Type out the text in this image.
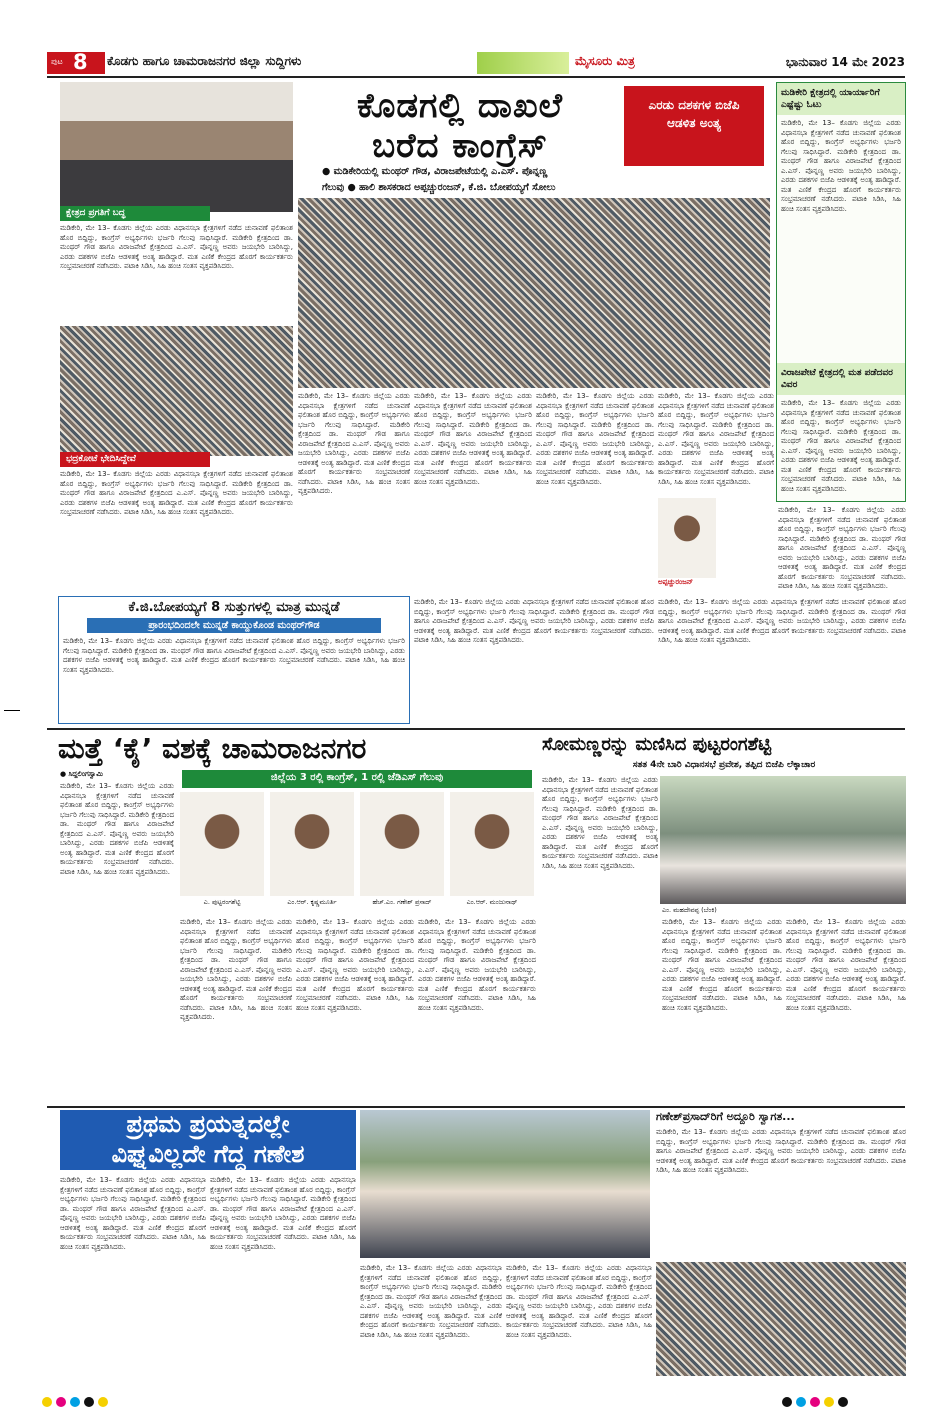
ಪುಟ 8 ಕೊಡಗು ಹಾಗೂ ಚಾಮರಾಜನಗರ ಜಿಲ್ಲಾ ಸುದ್ದಿಗಳು	ಮೈಸೂರು ಮಿತ್ರ	ಭಾನುವಾರ 14 ಮೇ 2023
ಕ್ಷೇತ್ರದ ಪ್ರಗತಿಗೆ ಬದ್ಧ
ಮಡಿಕೇರಿ, ಮೇ 13– ಕೊಡಗು ಜಿಲ್ಲೆಯ ಎರಡು ವಿಧಾನಸಭಾ ಕ್ಷೇತ್ರಗಳಿಗೆ ನಡೆದ ಚುನಾವಣೆ ಫಲಿತಾಂಶ ಹೊರ ಬಿದ್ದಿದ್ದು, ಕಾಂಗ್ರೆಸ್ ಅಭ್ಯರ್ಥಿಗಳು ಭರ್ಜರಿ ಗೆಲುವು ಸಾಧಿಸಿದ್ದಾರೆ. ಮಡಿಕೇರಿ ಕ್ಷೇತ್ರದಿಂದ ಡಾ. ಮಂಥರ್ ಗೌಡ ಹಾಗೂ ವಿರಾಜಪೇಟೆ ಕ್ಷೇತ್ರದಿಂದ ಎ.ಎಸ್. ಪೊನ್ನಣ್ಣ ಅವರು ಜಯಭೇರಿ ಬಾರಿಸಿದ್ದು, ಎರಡು ದಶಕಗಳ ಬಿಜೆಪಿ ಆಡಳಿತಕ್ಕೆ ಅಂತ್ಯ ಹಾಡಿದ್ದಾರೆ. ಮತ ಎಣಿಕೆ ಕೇಂದ್ರದ ಹೊರಗೆ ಕಾರ್ಯಕರ್ತರು ಸಂಭ್ರಮಾಚರಣೆ ನಡೆಸಿದರು. ಪಟಾಕಿ ಸಿಡಿಸಿ, ಸಿಹಿ ಹಂಚಿ ಸಂತಸ ವ್ಯಕ್ತಪಡಿಸಿದರು.
ಭದ್ರಕೋಟೆ ಭೇದಿಸಿದ್ದೇವೆ
ಮಡಿಕೇರಿ, ಮೇ 13– ಕೊಡಗು ಜಿಲ್ಲೆಯ ಎರಡು ವಿಧಾನಸಭಾ ಕ್ಷೇತ್ರಗಳಿಗೆ ನಡೆದ ಚುನಾವಣೆ ಫಲಿತಾಂಶ ಹೊರ ಬಿದ್ದಿದ್ದು, ಕಾಂಗ್ರೆಸ್ ಅಭ್ಯರ್ಥಿಗಳು ಭರ್ಜರಿ ಗೆಲುವು ಸಾಧಿಸಿದ್ದಾರೆ. ಮಡಿಕೇರಿ ಕ್ಷೇತ್ರದಿಂದ ಡಾ. ಮಂಥರ್ ಗೌಡ ಹಾಗೂ ವಿರಾಜಪೇಟೆ ಕ್ಷೇತ್ರದಿಂದ ಎ.ಎಸ್. ಪೊನ್ನಣ್ಣ ಅವರು ಜಯಭೇರಿ ಬಾರಿಸಿದ್ದು, ಎರಡು ದಶಕಗಳ ಬಿಜೆಪಿ ಆಡಳಿತಕ್ಕೆ ಅಂತ್ಯ ಹಾಡಿದ್ದಾರೆ. ಮತ ಎಣಿಕೆ ಕೇಂದ್ರದ ಹೊರಗೆ ಕಾರ್ಯಕರ್ತರು ಸಂಭ್ರಮಾಚರಣೆ ನಡೆಸಿದರು. ಪಟಾಕಿ ಸಿಡಿಸಿ, ಸಿಹಿ ಹಂಚಿ ಸಂತಸ ವ್ಯಕ್ತಪಡಿಸಿದರು.
ಕೊಡಗಲ್ಲಿ ದಾಖಲೆ
ಬರೆದ ಕಾಂಗ್ರೆಸ್
ಎರಡು ದಶಕಗಳ ಬಿಜೆಪಿ ಆಡಳಿತ ಅಂತ್ಯ
● ಮಡಿಕೇರಿಯಲ್ಲಿ ಮಂಥರ್ ಗೌಡ, ವಿರಾಜಪೇಟೆಯಲ್ಲಿ ಎ.ಎಸ್. ಪೊನ್ನಣ್ಣ
ಗೆಲುವು ● ಹಾಲಿ ಶಾಸಕರಾದ ಅಪ್ಪಚ್ಚುರಂಜನ್, ಕೆ.ಜಿ. ಬೋಪಯ್ಯಗೆ ಸೋಲು
ಮಡಿಕೇರಿ ಕ್ಷೇತ್ರದಲ್ಲಿ ಯಾರ್ಯಾರಿಗೆ ಎಷ್ಟೆಷ್ಟು ಓಟು
ಮಡಿಕೇರಿ, ಮೇ 13– ಕೊಡಗು ಜಿಲ್ಲೆಯ ಎರಡು ವಿಧಾನಸಭಾ ಕ್ಷೇತ್ರಗಳಿಗೆ ನಡೆದ ಚುನಾವಣೆ ಫಲಿತಾಂಶ ಹೊರ ಬಿದ್ದಿದ್ದು, ಕಾಂಗ್ರೆಸ್ ಅಭ್ಯರ್ಥಿಗಳು ಭರ್ಜರಿ ಗೆಲುವು ಸಾಧಿಸಿದ್ದಾರೆ. ಮಡಿಕೇರಿ ಕ್ಷೇತ್ರದಿಂದ ಡಾ. ಮಂಥರ್ ಗೌಡ ಹಾಗೂ ವಿರಾಜಪೇಟೆ ಕ್ಷೇತ್ರದಿಂದ ಎ.ಎಸ್. ಪೊನ್ನಣ್ಣ ಅವರು ಜಯಭೇರಿ ಬಾರಿಸಿದ್ದು, ಎರಡು ದಶಕಗಳ ಬಿಜೆಪಿ ಆಡಳಿತಕ್ಕೆ ಅಂತ್ಯ ಹಾಡಿದ್ದಾರೆ. ಮತ ಎಣಿಕೆ ಕೇಂದ್ರದ ಹೊರಗೆ ಕಾರ್ಯಕರ್ತರು ಸಂಭ್ರಮಾಚರಣೆ ನಡೆಸಿದರು. ಪಟಾಕಿ ಸಿಡಿಸಿ, ಸಿಹಿ ಹಂಚಿ ಸಂತಸ ವ್ಯಕ್ತಪಡಿಸಿದರು.
ವಿರಾಜಪೇಟೆ ಕ್ಷೇತ್ರದಲ್ಲಿ ಮತ ಪಡೆದವರ ವಿವರ
ಮಡಿಕೇರಿ, ಮೇ 13– ಕೊಡಗು ಜಿಲ್ಲೆಯ ಎರಡು ವಿಧಾನಸಭಾ ಕ್ಷೇತ್ರಗಳಿಗೆ ನಡೆದ ಚುನಾವಣೆ ಫಲಿತಾಂಶ ಹೊರ ಬಿದ್ದಿದ್ದು, ಕಾಂಗ್ರೆಸ್ ಅಭ್ಯರ್ಥಿಗಳು ಭರ್ಜರಿ ಗೆಲುವು ಸಾಧಿಸಿದ್ದಾರೆ. ಮಡಿಕೇರಿ ಕ್ಷೇತ್ರದಿಂದ ಡಾ. ಮಂಥರ್ ಗೌಡ ಹಾಗೂ ವಿರಾಜಪೇಟೆ ಕ್ಷೇತ್ರದಿಂದ ಎ.ಎಸ್. ಪೊನ್ನಣ್ಣ ಅವರು ಜಯಭೇರಿ ಬಾರಿಸಿದ್ದು, ಎರಡು ದಶಕಗಳ ಬಿಜೆಪಿ ಆಡಳಿತಕ್ಕೆ ಅಂತ್ಯ ಹಾಡಿದ್ದಾರೆ. ಮತ ಎಣಿಕೆ ಕೇಂದ್ರದ ಹೊರಗೆ ಕಾರ್ಯಕರ್ತರು ಸಂಭ್ರಮಾಚರಣೆ ನಡೆಸಿದರು. ಪಟಾಕಿ ಸಿಡಿಸಿ, ಸಿಹಿ ಹಂಚಿ ಸಂತಸ ವ್ಯಕ್ತಪಡಿಸಿದರು.
ಮಡಿಕೇರಿ, ಮೇ 13– ಕೊಡಗು ಜಿಲ್ಲೆಯ ಎರಡು ವಿಧಾನಸಭಾ ಕ್ಷೇತ್ರಗಳಿಗೆ ನಡೆದ ಚುನಾವಣೆ ಫಲಿತಾಂಶ ಹೊರ ಬಿದ್ದಿದ್ದು, ಕಾಂಗ್ರೆಸ್ ಅಭ್ಯರ್ಥಿಗಳು ಭರ್ಜರಿ ಗೆಲುವು ಸಾಧಿಸಿದ್ದಾರೆ. ಮಡಿಕೇರಿ ಕ್ಷೇತ್ರದಿಂದ ಡಾ. ಮಂಥರ್ ಗೌಡ ಹಾಗೂ ವಿರಾಜಪೇಟೆ ಕ್ಷೇತ್ರದಿಂದ ಎ.ಎಸ್. ಪೊನ್ನಣ್ಣ ಅವರು ಜಯಭೇರಿ ಬಾರಿಸಿದ್ದು, ಎರಡು ದಶಕಗಳ ಬಿಜೆಪಿ ಆಡಳಿತಕ್ಕೆ ಅಂತ್ಯ ಹಾಡಿದ್ದಾರೆ. ಮತ ಎಣಿಕೆ ಕೇಂದ್ರದ ಹೊರಗೆ ಕಾರ್ಯಕರ್ತರು ಸಂಭ್ರಮಾಚರಣೆ ನಡೆಸಿದರು. ಪಟಾಕಿ ಸಿಡಿಸಿ, ಸಿಹಿ ಹಂಚಿ ಸಂತಸ ವ್ಯಕ್ತಪಡಿಸಿದರು.
ಮಡಿಕೇರಿ, ಮೇ 13– ಕೊಡಗು ಜಿಲ್ಲೆಯ ಎರಡು ವಿಧಾನಸಭಾ ಕ್ಷೇತ್ರಗಳಿಗೆ ನಡೆದ ಚುನಾವಣೆ ಫಲಿತಾಂಶ ಹೊರ ಬಿದ್ದಿದ್ದು, ಕಾಂಗ್ರೆಸ್ ಅಭ್ಯರ್ಥಿಗಳು ಭರ್ಜರಿ ಗೆಲುವು ಸಾಧಿಸಿದ್ದಾರೆ. ಮಡಿಕೇರಿ ಕ್ಷೇತ್ರದಿಂದ ಡಾ. ಮಂಥರ್ ಗೌಡ ಹಾಗೂ ವಿರಾಜಪೇಟೆ ಕ್ಷೇತ್ರದಿಂದ ಎ.ಎಸ್. ಪೊನ್ನಣ್ಣ ಅವರು ಜಯಭೇರಿ ಬಾರಿಸಿದ್ದು, ಎರಡು ದಶಕಗಳ ಬಿಜೆಪಿ ಆಡಳಿತಕ್ಕೆ ಅಂತ್ಯ ಹಾಡಿದ್ದಾರೆ. ಮತ ಎಣಿಕೆ ಕೇಂದ್ರದ ಹೊರಗೆ ಕಾರ್ಯಕರ್ತರು ಸಂಭ್ರಮಾಚರಣೆ ನಡೆಸಿದರು. ಪಟಾಕಿ ಸಿಡಿಸಿ, ಸಿಹಿ ಹಂಚಿ ಸಂತಸ ವ್ಯಕ್ತಪಡಿಸಿದರು.
ಮಡಿಕೇರಿ, ಮೇ 13– ಕೊಡಗು ಜಿಲ್ಲೆಯ ಎರಡು ವಿಧಾನಸಭಾ ಕ್ಷೇತ್ರಗಳಿಗೆ ನಡೆದ ಚುನಾವಣೆ ಫಲಿತಾಂಶ ಹೊರ ಬಿದ್ದಿದ್ದು, ಕಾಂಗ್ರೆಸ್ ಅಭ್ಯರ್ಥಿಗಳು ಭರ್ಜರಿ ಗೆಲುವು ಸಾಧಿಸಿದ್ದಾರೆ. ಮಡಿಕೇರಿ ಕ್ಷೇತ್ರದಿಂದ ಡಾ. ಮಂಥರ್ ಗೌಡ ಹಾಗೂ ವಿರಾಜಪೇಟೆ ಕ್ಷೇತ್ರದಿಂದ ಎ.ಎಸ್. ಪೊನ್ನಣ್ಣ ಅವರು ಜಯಭೇರಿ ಬಾರಿಸಿದ್ದು, ಎರಡು ದಶಕಗಳ ಬಿಜೆಪಿ ಆಡಳಿತಕ್ಕೆ ಅಂತ್ಯ ಹಾಡಿದ್ದಾರೆ. ಮತ ಎಣಿಕೆ ಕೇಂದ್ರದ ಹೊರಗೆ ಕಾರ್ಯಕರ್ತರು ಸಂಭ್ರಮಾಚರಣೆ ನಡೆಸಿದರು. ಪಟಾಕಿ ಸಿಡಿಸಿ, ಸಿಹಿ ಹಂಚಿ ಸಂತಸ ವ್ಯಕ್ತಪಡಿಸಿದರು.
ಮಡಿಕೇರಿ, ಮೇ 13– ಕೊಡಗು ಜಿಲ್ಲೆಯ ಎರಡು ವಿಧಾನಸಭಾ ಕ್ಷೇತ್ರಗಳಿಗೆ ನಡೆದ ಚುನಾವಣೆ ಫಲಿತಾಂಶ ಹೊರ ಬಿದ್ದಿದ್ದು, ಕಾಂಗ್ರೆಸ್ ಅಭ್ಯರ್ಥಿಗಳು ಭರ್ಜರಿ ಗೆಲುವು ಸಾಧಿಸಿದ್ದಾರೆ. ಮಡಿಕೇರಿ ಕ್ಷೇತ್ರದಿಂದ ಡಾ. ಮಂಥರ್ ಗೌಡ ಹಾಗೂ ವಿರಾಜಪೇಟೆ ಕ್ಷೇತ್ರದಿಂದ ಎ.ಎಸ್. ಪೊನ್ನಣ್ಣ ಅವರು ಜಯಭೇರಿ ಬಾರಿಸಿದ್ದು, ಎರಡು ದಶಕಗಳ ಬಿಜೆಪಿ ಆಡಳಿತಕ್ಕೆ ಅಂತ್ಯ ಹಾಡಿದ್ದಾರೆ. ಮತ ಎಣಿಕೆ ಕೇಂದ್ರದ ಹೊರಗೆ ಕಾರ್ಯಕರ್ತರು ಸಂಭ್ರಮಾಚರಣೆ ನಡೆಸಿದರು. ಪಟಾಕಿ ಸಿಡಿಸಿ, ಸಿಹಿ ಹಂಚಿ ಸಂತಸ ವ್ಯಕ್ತಪಡಿಸಿದರು.
ಅಪ್ಪಚ್ಚುರಂಜನ್
ಮಡಿಕೇರಿ, ಮೇ 13– ಕೊಡಗು ಜಿಲ್ಲೆಯ ಎರಡು ವಿಧಾನಸಭಾ ಕ್ಷೇತ್ರಗಳಿಗೆ ನಡೆದ ಚುನಾವಣೆ ಫಲಿತಾಂಶ ಹೊರ ಬಿದ್ದಿದ್ದು, ಕಾಂಗ್ರೆಸ್ ಅಭ್ಯರ್ಥಿಗಳು ಭರ್ಜರಿ ಗೆಲುವು ಸಾಧಿಸಿದ್ದಾರೆ. ಮಡಿಕೇರಿ ಕ್ಷೇತ್ರದಿಂದ ಡಾ. ಮಂಥರ್ ಗೌಡ ಹಾಗೂ ವಿರಾಜಪೇಟೆ ಕ್ಷೇತ್ರದಿಂದ ಎ.ಎಸ್. ಪೊನ್ನಣ್ಣ ಅವರು ಜಯಭೇರಿ ಬಾರಿಸಿದ್ದು, ಎರಡು ದಶಕಗಳ ಬಿಜೆಪಿ ಆಡಳಿತಕ್ಕೆ ಅಂತ್ಯ ಹಾಡಿದ್ದಾರೆ. ಮತ ಎಣಿಕೆ ಕೇಂದ್ರದ ಹೊರಗೆ ಕಾರ್ಯಕರ್ತರು ಸಂಭ್ರಮಾಚರಣೆ ನಡೆಸಿದರು. ಪಟಾಕಿ ಸಿಡಿಸಿ, ಸಿಹಿ ಹಂಚಿ ಸಂತಸ ವ್ಯಕ್ತಪಡಿಸಿದರು.
ಕೆ.ಜಿ.ಬೋಪಯ್ಯಗೆ 8 ಸುತ್ತುಗಳಲ್ಲಿ ಮಾತ್ರ ಮುನ್ನಡೆ
ಪ್ರಾರಂಭದಿಂದಲೇ ಮುನ್ನಡೆ ಕಾಯ್ದುಕೊಂಡ ಮಂಥರ್‌ಗೌಡ
ಮಡಿಕೇರಿ, ಮೇ 13– ಕೊಡಗು ಜಿಲ್ಲೆಯ ಎರಡು ವಿಧಾನಸಭಾ ಕ್ಷೇತ್ರಗಳಿಗೆ ನಡೆದ ಚುನಾವಣೆ ಫಲಿತಾಂಶ ಹೊರ ಬಿದ್ದಿದ್ದು, ಕಾಂಗ್ರೆಸ್ ಅಭ್ಯರ್ಥಿಗಳು ಭರ್ಜರಿ ಗೆಲುವು ಸಾಧಿಸಿದ್ದಾರೆ. ಮಡಿಕೇರಿ ಕ್ಷೇತ್ರದಿಂದ ಡಾ. ಮಂಥರ್ ಗೌಡ ಹಾಗೂ ವಿರಾಜಪೇಟೆ ಕ್ಷೇತ್ರದಿಂದ ಎ.ಎಸ್. ಪೊನ್ನಣ್ಣ ಅವರು ಜಯಭೇರಿ ಬಾರಿಸಿದ್ದು, ಎರಡು ದಶಕಗಳ ಬಿಜೆಪಿ ಆಡಳಿತಕ್ಕೆ ಅಂತ್ಯ ಹಾಡಿದ್ದಾರೆ. ಮತ ಎಣಿಕೆ ಕೇಂದ್ರದ ಹೊರಗೆ ಕಾರ್ಯಕರ್ತರು ಸಂಭ್ರಮಾಚರಣೆ ನಡೆಸಿದರು. ಪಟಾಕಿ ಸಿಡಿಸಿ, ಸಿಹಿ ಹಂಚಿ ಸಂತಸ ವ್ಯಕ್ತಪಡಿಸಿದರು.
ಮಡಿಕೇರಿ, ಮೇ 13– ಕೊಡಗು ಜಿಲ್ಲೆಯ ಎರಡು ವಿಧಾನಸಭಾ ಕ್ಷೇತ್ರಗಳಿಗೆ ನಡೆದ ಚುನಾವಣೆ ಫಲಿತಾಂಶ ಹೊರ ಬಿದ್ದಿದ್ದು, ಕಾಂಗ್ರೆಸ್ ಅಭ್ಯರ್ಥಿಗಳು ಭರ್ಜರಿ ಗೆಲುವು ಸಾಧಿಸಿದ್ದಾರೆ. ಮಡಿಕೇರಿ ಕ್ಷೇತ್ರದಿಂದ ಡಾ. ಮಂಥರ್ ಗೌಡ ಹಾಗೂ ವಿರಾಜಪೇಟೆ ಕ್ಷೇತ್ರದಿಂದ ಎ.ಎಸ್. ಪೊನ್ನಣ್ಣ ಅವರು ಜಯಭೇರಿ ಬಾರಿಸಿದ್ದು, ಎರಡು ದಶಕಗಳ ಬಿಜೆಪಿ ಆಡಳಿತಕ್ಕೆ ಅಂತ್ಯ ಹಾಡಿದ್ದಾರೆ. ಮತ ಎಣಿಕೆ ಕೇಂದ್ರದ ಹೊರಗೆ ಕಾರ್ಯಕರ್ತರು ಸಂಭ್ರಮಾಚರಣೆ ನಡೆಸಿದರು. ಪಟಾಕಿ ಸಿಡಿಸಿ, ಸಿಹಿ ಹಂಚಿ ಸಂತಸ ವ್ಯಕ್ತಪಡಿಸಿದರು.
ಮಡಿಕೇರಿ, ಮೇ 13– ಕೊಡಗು ಜಿಲ್ಲೆಯ ಎರಡು ವಿಧಾನಸಭಾ ಕ್ಷೇತ್ರಗಳಿಗೆ ನಡೆದ ಚುನಾವಣೆ ಫಲಿತಾಂಶ ಹೊರ ಬಿದ್ದಿದ್ದು, ಕಾಂಗ್ರೆಸ್ ಅಭ್ಯರ್ಥಿಗಳು ಭರ್ಜರಿ ಗೆಲುವು ಸಾಧಿಸಿದ್ದಾರೆ. ಮಡಿಕೇರಿ ಕ್ಷೇತ್ರದಿಂದ ಡಾ. ಮಂಥರ್ ಗೌಡ ಹಾಗೂ ವಿರಾಜಪೇಟೆ ಕ್ಷೇತ್ರದಿಂದ ಎ.ಎಸ್. ಪೊನ್ನಣ್ಣ ಅವರು ಜಯಭೇರಿ ಬಾರಿಸಿದ್ದು, ಎರಡು ದಶಕಗಳ ಬಿಜೆಪಿ ಆಡಳಿತಕ್ಕೆ ಅಂತ್ಯ ಹಾಡಿದ್ದಾರೆ. ಮತ ಎಣಿಕೆ ಕೇಂದ್ರದ ಹೊರಗೆ ಕಾರ್ಯಕರ್ತರು ಸಂಭ್ರಮಾಚರಣೆ ನಡೆಸಿದರು. ಪಟಾಕಿ ಸಿಡಿಸಿ, ಸಿಹಿ ಹಂಚಿ ಸಂತಸ ವ್ಯಕ್ತಪಡಿಸಿದರು.
ಮತ್ತೆ ‘ಕೈ’ ವಶಕ್ಕೆ ಚಾಮರಾಜನಗರ
ಜಿಲ್ಲೆಯ 3 ರಲ್ಲಿ ಕಾಂಗ್ರೆಸ್, 1 ರಲ್ಲಿ ಜೆಡಿಎಸ್ ಗೆಲುವು
● ಸಿದ್ದಲಿಂಗಸ್ವಾಮಿ
ಮಡಿಕೇರಿ, ಮೇ 13– ಕೊಡಗು ಜಿಲ್ಲೆಯ ಎರಡು ವಿಧಾನಸಭಾ ಕ್ಷೇತ್ರಗಳಿಗೆ ನಡೆದ ಚುನಾವಣೆ ಫಲಿತಾಂಶ ಹೊರ ಬಿದ್ದಿದ್ದು, ಕಾಂಗ್ರೆಸ್ ಅಭ್ಯರ್ಥಿಗಳು ಭರ್ಜರಿ ಗೆಲುವು ಸಾಧಿಸಿದ್ದಾರೆ. ಮಡಿಕೇರಿ ಕ್ಷೇತ್ರದಿಂದ ಡಾ. ಮಂಥರ್ ಗೌಡ ಹಾಗೂ ವಿರಾಜಪೇಟೆ ಕ್ಷೇತ್ರದಿಂದ ಎ.ಎಸ್. ಪೊನ್ನಣ್ಣ ಅವರು ಜಯಭೇರಿ ಬಾರಿಸಿದ್ದು, ಎರಡು ದಶಕಗಳ ಬಿಜೆಪಿ ಆಡಳಿತಕ್ಕೆ ಅಂತ್ಯ ಹಾಡಿದ್ದಾರೆ. ಮತ ಎಣಿಕೆ ಕೇಂದ್ರದ ಹೊರಗೆ ಕಾರ್ಯಕರ್ತರು ಸಂಭ್ರಮಾಚರಣೆ ನಡೆಸಿದರು. ಪಟಾಕಿ ಸಿಡಿಸಿ, ಸಿಹಿ ಹಂಚಿ ಸಂತಸ ವ್ಯಕ್ತಪಡಿಸಿದರು.
ಎ. ಪುಟ್ಟರಂಗಶೆಟ್ಟಿ	ಎಂ.ಆರ್. ಕೃಷ್ಣಮೂರ್ತಿ	ಹೆಚ್.ಎಂ. ಗಣೇಶ್ ಪ್ರಸಾದ್	ಎಂ.ಆರ್. ಮಂಜುನಾಥ್
ಮಡಿಕೇರಿ, ಮೇ 13– ಕೊಡಗು ಜಿಲ್ಲೆಯ ಎರಡು ವಿಧಾನಸಭಾ ಕ್ಷೇತ್ರಗಳಿಗೆ ನಡೆದ ಚುನಾವಣೆ ಫಲಿತಾಂಶ ಹೊರ ಬಿದ್ದಿದ್ದು, ಕಾಂಗ್ರೆಸ್ ಅಭ್ಯರ್ಥಿಗಳು ಭರ್ಜರಿ ಗೆಲುವು ಸಾಧಿಸಿದ್ದಾರೆ. ಮಡಿಕೇರಿ ಕ್ಷೇತ್ರದಿಂದ ಡಾ. ಮಂಥರ್ ಗೌಡ ಹಾಗೂ ವಿರಾಜಪೇಟೆ ಕ್ಷೇತ್ರದಿಂದ ಎ.ಎಸ್. ಪೊನ್ನಣ್ಣ ಅವರು ಜಯಭೇರಿ ಬಾರಿಸಿದ್ದು, ಎರಡು ದಶಕಗಳ ಬಿಜೆಪಿ ಆಡಳಿತಕ್ಕೆ ಅಂತ್ಯ ಹಾಡಿದ್ದಾರೆ. ಮತ ಎಣಿಕೆ ಕೇಂದ್ರದ ಹೊರಗೆ ಕಾರ್ಯಕರ್ತರು ಸಂಭ್ರಮಾಚರಣೆ ನಡೆಸಿದರು. ಪಟಾಕಿ ಸಿಡಿಸಿ, ಸಿಹಿ ಹಂಚಿ ಸಂತಸ ವ್ಯಕ್ತಪಡಿಸಿದರು.
ಮಡಿಕೇರಿ, ಮೇ 13– ಕೊಡಗು ಜಿಲ್ಲೆಯ ಎರಡು ವಿಧಾನಸಭಾ ಕ್ಷೇತ್ರಗಳಿಗೆ ನಡೆದ ಚುನಾವಣೆ ಫಲಿತಾಂಶ ಹೊರ ಬಿದ್ದಿದ್ದು, ಕಾಂಗ್ರೆಸ್ ಅಭ್ಯರ್ಥಿಗಳು ಭರ್ಜರಿ ಗೆಲುವು ಸಾಧಿಸಿದ್ದಾರೆ. ಮಡಿಕೇರಿ ಕ್ಷೇತ್ರದಿಂದ ಡಾ. ಮಂಥರ್ ಗೌಡ ಹಾಗೂ ವಿರಾಜಪೇಟೆ ಕ್ಷೇತ್ರದಿಂದ ಎ.ಎಸ್. ಪೊನ್ನಣ್ಣ ಅವರು ಜಯಭೇರಿ ಬಾರಿಸಿದ್ದು, ಎರಡು ದಶಕಗಳ ಬಿಜೆಪಿ ಆಡಳಿತಕ್ಕೆ ಅಂತ್ಯ ಹಾಡಿದ್ದಾರೆ. ಮತ ಎಣಿಕೆ ಕೇಂದ್ರದ ಹೊರಗೆ ಕಾರ್ಯಕರ್ತರು ಸಂಭ್ರಮಾಚರಣೆ ನಡೆಸಿದರು. ಪಟಾಕಿ ಸಿಡಿಸಿ, ಸಿಹಿ ಹಂಚಿ ಸಂತಸ ವ್ಯಕ್ತಪಡಿಸಿದರು.
ಮಡಿಕೇರಿ, ಮೇ 13– ಕೊಡಗು ಜಿಲ್ಲೆಯ ಎರಡು ವಿಧಾನಸಭಾ ಕ್ಷೇತ್ರಗಳಿಗೆ ನಡೆದ ಚುನಾವಣೆ ಫಲಿತಾಂಶ ಹೊರ ಬಿದ್ದಿದ್ದು, ಕಾಂಗ್ರೆಸ್ ಅಭ್ಯರ್ಥಿಗಳು ಭರ್ಜರಿ ಗೆಲುವು ಸಾಧಿಸಿದ್ದಾರೆ. ಮಡಿಕೇರಿ ಕ್ಷೇತ್ರದಿಂದ ಡಾ. ಮಂಥರ್ ಗೌಡ ಹಾಗೂ ವಿರಾಜಪೇಟೆ ಕ್ಷೇತ್ರದಿಂದ ಎ.ಎಸ್. ಪೊನ್ನಣ್ಣ ಅವರು ಜಯಭೇರಿ ಬಾರಿಸಿದ್ದು, ಎರಡು ದಶಕಗಳ ಬಿಜೆಪಿ ಆಡಳಿತಕ್ಕೆ ಅಂತ್ಯ ಹಾಡಿದ್ದಾರೆ. ಮತ ಎಣಿಕೆ ಕೇಂದ್ರದ ಹೊರಗೆ ಕಾರ್ಯಕರ್ತರು ಸಂಭ್ರಮಾಚರಣೆ ನಡೆಸಿದರು. ಪಟಾಕಿ ಸಿಡಿಸಿ, ಸಿಹಿ ಹಂಚಿ ಸಂತಸ ವ್ಯಕ್ತಪಡಿಸಿದರು.
ಸೋಮಣ್ಣರನ್ನು ಮಣಿಸಿದ ಪುಟ್ಟರಂಗಶೆಟ್ಟಿ
ಸತತ 4ನೇ ಬಾರಿ ವಿಧಾನಸಭೆ ಪ್ರವೇಶ, ತಪ್ಪಿದ ಬಿಜೆಪಿ ಲೆಕ್ಕಾಚಾರ
ಮಡಿಕೇರಿ, ಮೇ 13– ಕೊಡಗು ಜಿಲ್ಲೆಯ ಎರಡು ವಿಧಾನಸಭಾ ಕ್ಷೇತ್ರಗಳಿಗೆ ನಡೆದ ಚುನಾವಣೆ ಫಲಿತಾಂಶ ಹೊರ ಬಿದ್ದಿದ್ದು, ಕಾಂಗ್ರೆಸ್ ಅಭ್ಯರ್ಥಿಗಳು ಭರ್ಜರಿ ಗೆಲುವು ಸಾಧಿಸಿದ್ದಾರೆ. ಮಡಿಕೇರಿ ಕ್ಷೇತ್ರದಿಂದ ಡಾ. ಮಂಥರ್ ಗೌಡ ಹಾಗೂ ವಿರಾಜಪೇಟೆ ಕ್ಷೇತ್ರದಿಂದ ಎ.ಎಸ್. ಪೊನ್ನಣ್ಣ ಅವರು ಜಯಭೇರಿ ಬಾರಿಸಿದ್ದು, ಎರಡು ದಶಕಗಳ ಬಿಜೆಪಿ ಆಡಳಿತಕ್ಕೆ ಅಂತ್ಯ ಹಾಡಿದ್ದಾರೆ. ಮತ ಎಣಿಕೆ ಕೇಂದ್ರದ ಹೊರಗೆ ಕಾರ್ಯಕರ್ತರು ಸಂಭ್ರಮಾಚರಣೆ ನಡೆಸಿದರು. ಪಟಾಕಿ ಸಿಡಿಸಿ, ಸಿಹಿ ಹಂಚಿ ಸಂತಸ ವ್ಯಕ್ತಪಡಿಸಿದರು.
ಎಂ. ಮಹದೇವಪ್ಪ (ಬೆಂಕಿ)
ಮಡಿಕೇರಿ, ಮೇ 13– ಕೊಡಗು ಜಿಲ್ಲೆಯ ಎರಡು ವಿಧಾನಸಭಾ ಕ್ಷೇತ್ರಗಳಿಗೆ ನಡೆದ ಚುನಾವಣೆ ಫಲಿತಾಂಶ ಹೊರ ಬಿದ್ದಿದ್ದು, ಕಾಂಗ್ರೆಸ್ ಅಭ್ಯರ್ಥಿಗಳು ಭರ್ಜರಿ ಗೆಲುವು ಸಾಧಿಸಿದ್ದಾರೆ. ಮಡಿಕೇರಿ ಕ್ಷೇತ್ರದಿಂದ ಡಾ. ಮಂಥರ್ ಗೌಡ ಹಾಗೂ ವಿರಾಜಪೇಟೆ ಕ್ಷೇತ್ರದಿಂದ ಎ.ಎಸ್. ಪೊನ್ನಣ್ಣ ಅವರು ಜಯಭೇರಿ ಬಾರಿಸಿದ್ದು, ಎರಡು ದಶಕಗಳ ಬಿಜೆಪಿ ಆಡಳಿತಕ್ಕೆ ಅಂತ್ಯ ಹಾಡಿದ್ದಾರೆ. ಮತ ಎಣಿಕೆ ಕೇಂದ್ರದ ಹೊರಗೆ ಕಾರ್ಯಕರ್ತರು ಸಂಭ್ರಮಾಚರಣೆ ನಡೆಸಿದರು. ಪಟಾಕಿ ಸಿಡಿಸಿ, ಸಿಹಿ ಹಂಚಿ ಸಂತಸ ವ್ಯಕ್ತಪಡಿಸಿದರು.
ಮಡಿಕೇರಿ, ಮೇ 13– ಕೊಡಗು ಜಿಲ್ಲೆಯ ಎರಡು ವಿಧಾನಸಭಾ ಕ್ಷೇತ್ರಗಳಿಗೆ ನಡೆದ ಚುನಾವಣೆ ಫಲಿತಾಂಶ ಹೊರ ಬಿದ್ದಿದ್ದು, ಕಾಂಗ್ರೆಸ್ ಅಭ್ಯರ್ಥಿಗಳು ಭರ್ಜರಿ ಗೆಲುವು ಸಾಧಿಸಿದ್ದಾರೆ. ಮಡಿಕೇರಿ ಕ್ಷೇತ್ರದಿಂದ ಡಾ. ಮಂಥರ್ ಗೌಡ ಹಾಗೂ ವಿರಾಜಪೇಟೆ ಕ್ಷೇತ್ರದಿಂದ ಎ.ಎಸ್. ಪೊನ್ನಣ್ಣ ಅವರು ಜಯಭೇರಿ ಬಾರಿಸಿದ್ದು, ಎರಡು ದಶಕಗಳ ಬಿಜೆಪಿ ಆಡಳಿತಕ್ಕೆ ಅಂತ್ಯ ಹಾಡಿದ್ದಾರೆ. ಮತ ಎಣಿಕೆ ಕೇಂದ್ರದ ಹೊರಗೆ ಕಾರ್ಯಕರ್ತರು ಸಂಭ್ರಮಾಚರಣೆ ನಡೆಸಿದರು. ಪಟಾಕಿ ಸಿಡಿಸಿ, ಸಿಹಿ ಹಂಚಿ ಸಂತಸ ವ್ಯಕ್ತಪಡಿಸಿದರು.
ಪ್ರಥಮ ಪ್ರಯತ್ನದಲ್ಲೇ
ವಿಘ್ನವಿಲ್ಲದೇ ಗೆದ್ದ ಗಣೇಶ
ಮಡಿಕೇರಿ, ಮೇ 13– ಕೊಡಗು ಜಿಲ್ಲೆಯ ಎರಡು ವಿಧಾನಸಭಾ ಕ್ಷೇತ್ರಗಳಿಗೆ ನಡೆದ ಚುನಾವಣೆ ಫಲಿತಾಂಶ ಹೊರ ಬಿದ್ದಿದ್ದು, ಕಾಂಗ್ರೆಸ್ ಅಭ್ಯರ್ಥಿಗಳು ಭರ್ಜರಿ ಗೆಲುವು ಸಾಧಿಸಿದ್ದಾರೆ. ಮಡಿಕೇರಿ ಕ್ಷೇತ್ರದಿಂದ ಡಾ. ಮಂಥರ್ ಗೌಡ ಹಾಗೂ ವಿರಾಜಪೇಟೆ ಕ್ಷೇತ್ರದಿಂದ ಎ.ಎಸ್. ಪೊನ್ನಣ್ಣ ಅವರು ಜಯಭೇರಿ ಬಾರಿಸಿದ್ದು, ಎರಡು ದಶಕಗಳ ಬಿಜೆಪಿ ಆಡಳಿತಕ್ಕೆ ಅಂತ್ಯ ಹಾಡಿದ್ದಾರೆ. ಮತ ಎಣಿಕೆ ಕೇಂದ್ರದ ಹೊರಗೆ ಕಾರ್ಯಕರ್ತರು ಸಂಭ್ರಮಾಚರಣೆ ನಡೆಸಿದರು. ಪಟಾಕಿ ಸಿಡಿಸಿ, ಸಿಹಿ ಹಂಚಿ ಸಂತಸ ವ್ಯಕ್ತಪಡಿಸಿದರು.
ಮಡಿಕೇರಿ, ಮೇ 13– ಕೊಡಗು ಜಿಲ್ಲೆಯ ಎರಡು ವಿಧಾನಸಭಾ ಕ್ಷೇತ್ರಗಳಿಗೆ ನಡೆದ ಚುನಾವಣೆ ಫಲಿತಾಂಶ ಹೊರ ಬಿದ್ದಿದ್ದು, ಕಾಂಗ್ರೆಸ್ ಅಭ್ಯರ್ಥಿಗಳು ಭರ್ಜರಿ ಗೆಲುವು ಸಾಧಿಸಿದ್ದಾರೆ. ಮಡಿಕೇರಿ ಕ್ಷೇತ್ರದಿಂದ ಡಾ. ಮಂಥರ್ ಗೌಡ ಹಾಗೂ ವಿರಾಜಪೇಟೆ ಕ್ಷೇತ್ರದಿಂದ ಎ.ಎಸ್. ಪೊನ್ನಣ್ಣ ಅವರು ಜಯಭೇರಿ ಬಾರಿಸಿದ್ದು, ಎರಡು ದಶಕಗಳ ಬಿಜೆಪಿ ಆಡಳಿತಕ್ಕೆ ಅಂತ್ಯ ಹಾಡಿದ್ದಾರೆ. ಮತ ಎಣಿಕೆ ಕೇಂದ್ರದ ಹೊರಗೆ ಕಾರ್ಯಕರ್ತರು ಸಂಭ್ರಮಾಚರಣೆ ನಡೆಸಿದರು. ಪಟಾಕಿ ಸಿಡಿಸಿ, ಸಿಹಿ ಹಂಚಿ ಸಂತಸ ವ್ಯಕ್ತಪಡಿಸಿದರು.
ಮಡಿಕೇರಿ, ಮೇ 13– ಕೊಡಗು ಜಿಲ್ಲೆಯ ಎರಡು ವಿಧಾನಸಭಾ ಕ್ಷೇತ್ರಗಳಿಗೆ ನಡೆದ ಚುನಾವಣೆ ಫಲಿತಾಂಶ ಹೊರ ಬಿದ್ದಿದ್ದು, ಕಾಂಗ್ರೆಸ್ ಅಭ್ಯರ್ಥಿಗಳು ಭರ್ಜರಿ ಗೆಲುವು ಸಾಧಿಸಿದ್ದಾರೆ. ಮಡಿಕೇರಿ ಕ್ಷೇತ್ರದಿಂದ ಡಾ. ಮಂಥರ್ ಗೌಡ ಹಾಗೂ ವಿರಾಜಪೇಟೆ ಕ್ಷೇತ್ರದಿಂದ ಎ.ಎಸ್. ಪೊನ್ನಣ್ಣ ಅವರು ಜಯಭೇರಿ ಬಾರಿಸಿದ್ದು, ಎರಡು ದಶಕಗಳ ಬಿಜೆಪಿ ಆಡಳಿತಕ್ಕೆ ಅಂತ್ಯ ಹಾಡಿದ್ದಾರೆ. ಮತ ಎಣಿಕೆ ಕೇಂದ್ರದ ಹೊರಗೆ ಕಾರ್ಯಕರ್ತರು ಸಂಭ್ರಮಾಚರಣೆ ನಡೆಸಿದರು. ಪಟಾಕಿ ಸಿಡಿಸಿ, ಸಿಹಿ ಹಂಚಿ ಸಂತಸ ವ್ಯಕ್ತಪಡಿಸಿದರು.
ಮಡಿಕೇರಿ, ಮೇ 13– ಕೊಡಗು ಜಿಲ್ಲೆಯ ಎರಡು ವಿಧಾನಸಭಾ ಕ್ಷೇತ್ರಗಳಿಗೆ ನಡೆದ ಚುನಾವಣೆ ಫಲಿತಾಂಶ ಹೊರ ಬಿದ್ದಿದ್ದು, ಕಾಂಗ್ರೆಸ್ ಅಭ್ಯರ್ಥಿಗಳು ಭರ್ಜರಿ ಗೆಲುವು ಸಾಧಿಸಿದ್ದಾರೆ. ಮಡಿಕೇರಿ ಕ್ಷೇತ್ರದಿಂದ ಡಾ. ಮಂಥರ್ ಗೌಡ ಹಾಗೂ ವಿರಾಜಪೇಟೆ ಕ್ಷೇತ್ರದಿಂದ ಎ.ಎಸ್. ಪೊನ್ನಣ್ಣ ಅವರು ಜಯಭೇರಿ ಬಾರಿಸಿದ್ದು, ಎರಡು ದಶಕಗಳ ಬಿಜೆಪಿ ಆಡಳಿತಕ್ಕೆ ಅಂತ್ಯ ಹಾಡಿದ್ದಾರೆ. ಮತ ಎಣಿಕೆ ಕೇಂದ್ರದ ಹೊರಗೆ ಕಾರ್ಯಕರ್ತರು ಸಂಭ್ರಮಾಚರಣೆ ನಡೆಸಿದರು. ಪಟಾಕಿ ಸಿಡಿಸಿ, ಸಿಹಿ ಹಂಚಿ ಸಂತಸ ವ್ಯಕ್ತಪಡಿಸಿದರು.
ಗಣೇಶ್‌ಪ್ರಸಾದ್‌ರಿಗೆ ಅದ್ದೂರಿ ಸ್ವಾಗತ...
ಮಡಿಕೇರಿ, ಮೇ 13– ಕೊಡಗು ಜಿಲ್ಲೆಯ ಎರಡು ವಿಧಾನಸಭಾ ಕ್ಷೇತ್ರಗಳಿಗೆ ನಡೆದ ಚುನಾವಣೆ ಫಲಿತಾಂಶ ಹೊರ ಬಿದ್ದಿದ್ದು, ಕಾಂಗ್ರೆಸ್ ಅಭ್ಯರ್ಥಿಗಳು ಭರ್ಜರಿ ಗೆಲುವು ಸಾಧಿಸಿದ್ದಾರೆ. ಮಡಿಕೇರಿ ಕ್ಷೇತ್ರದಿಂದ ಡಾ. ಮಂಥರ್ ಗೌಡ ಹಾಗೂ ವಿರಾಜಪೇಟೆ ಕ್ಷೇತ್ರದಿಂದ ಎ.ಎಸ್. ಪೊನ್ನಣ್ಣ ಅವರು ಜಯಭೇರಿ ಬಾರಿಸಿದ್ದು, ಎರಡು ದಶಕಗಳ ಬಿಜೆಪಿ ಆಡಳಿತಕ್ಕೆ ಅಂತ್ಯ ಹಾಡಿದ್ದಾರೆ. ಮತ ಎಣಿಕೆ ಕೇಂದ್ರದ ಹೊರಗೆ ಕಾರ್ಯಕರ್ತರು ಸಂಭ್ರಮಾಚರಣೆ ನಡೆಸಿದರು. ಪಟಾಕಿ ಸಿಡಿಸಿ, ಸಿಹಿ ಹಂಚಿ ಸಂತಸ ವ್ಯಕ್ತಪಡಿಸಿದರು.
